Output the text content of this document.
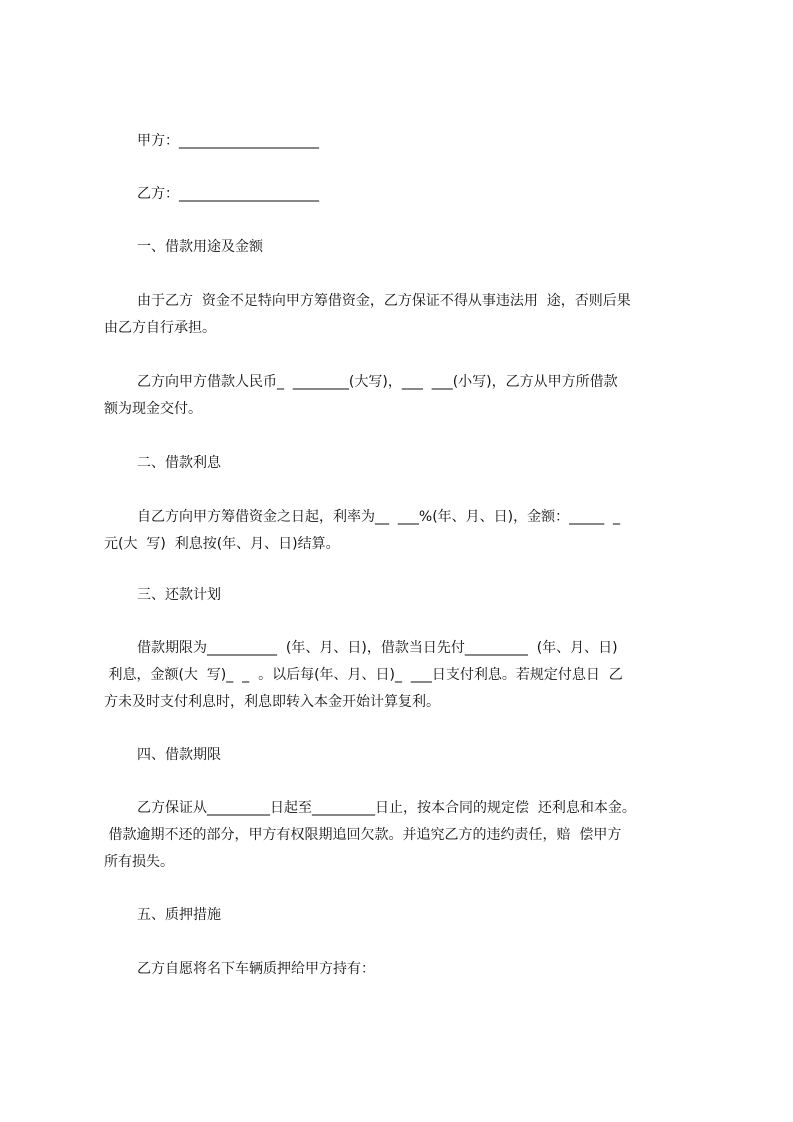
甲方：____________________

乙方：____________________

一、借款用途及金额

由于乙方  资金不足特向甲方筹借资金，乙方保证不得从事违法用  途，否则后果

由乙方自行承担。

乙方向甲方借款人民币_  ________(大写)，___  ___(小写)，乙方从甲方所借款

额为现金交付。

二、借款利息

自乙方向甲方筹借资金之日起，利率为__  ___%(年、月、日)，金额：_____  _

元(大  写)  利息按(年、月、日)结算。

三、还款计划

借款期限为__________  (年、月、日)，借款当日先付_________  (年、月、日)

利息，金额(大  写)_  _  。以后每(年、月、日)_  ___日支付利息。若规定付息日  乙

方未及时支付利息时，利息即转入本金开始计算复利。

四、借款期限

乙方保证从_________日起至_________日止，按本合同的规定偿  还利息和本金。

借款逾期不还的部分，甲方有权限期追回欠款。并追究乙方的违约责任，赔  偿甲方

所有损失。

五、质押措施

乙方自愿将名下车辆质押给甲方持有：
